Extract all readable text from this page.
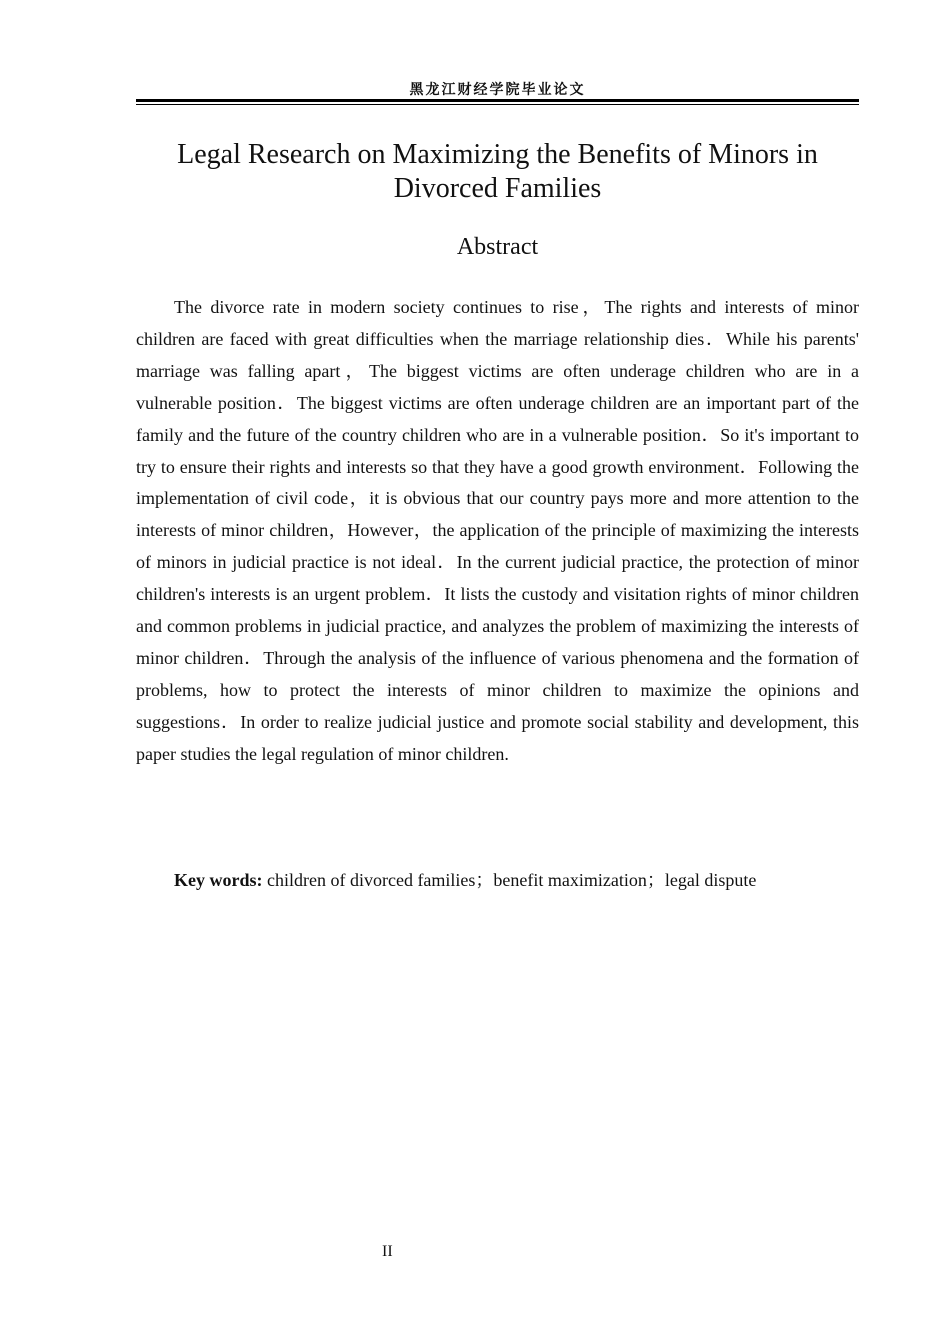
黑龙江财经学院毕业论文
Legal Research on Maximizing the Benefits of Minors in Divorced Families
Abstract

The divorce rate in modern society continues to rise，The rights and interests of minor children are faced with great difficulties when the marriage relationship dies．While his parents' marriage was falling apart，The biggest victims are often underage children who are in a vulnerable position．The biggest victims are often underage children are an important part of the family and the future of the country children who are in a vulnerable position．So it's important to try to ensure their rights and interests so that they have a good growth environment．Following the implementation of civil code，it is obvious that our country pays more and more attention to the interests of minor children，However，the application of the principle of maximizing the interests of minors in judicial practice is not ideal．In the current judicial practice, the protection of minor children's interests is an urgent problem．It lists the custody and visitation rights of minor children and common problems in judicial practice, and analyzes the problem of maximizing the interests of minor children．Through the analysis of the influence of various phenomena and the formation of problems, how to protect the interests of minor children to maximize the opinions and suggestions．In order to realize judicial justice and promote social stability and development, this paper studies the legal regulation of minor children.

Key words: children of divorced families；benefit maximization；legal dispute
II
